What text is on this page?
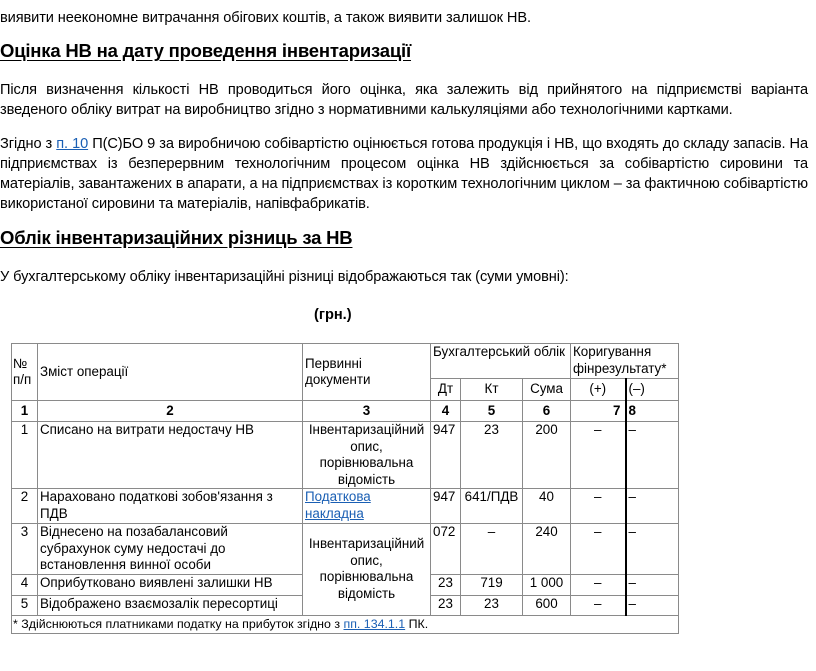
виявити неекономне витрачання обігових коштів, а також виявити залишок НВ.

Оцінка НВ на дату проведення інвентаризації

Після визначення кількості НВ проводиться його оцінка, яка залежить від прийнятого на підприємстві варіанта зведеного обліку витрат на виробництво згідно з нормативними калькуляціями або технологічними картками.

Згідно з п. 10 П(С)БО 9 за виробничою собівартістю оцінюється готова продукція і НВ, що входять до складу запасів. На підприємствах із безперервним технологічним процесом оцінка НВ здійснюється за собівартістю сировини та матеріалів, завантажених в апарати, а на підприємствах із коротким технологічним циклом – за фактичною собівартістю використаної сировини та матеріалів, напівфабрикатів.

Облік інвентаризаційних різниць за НВ

У бухгалтерському обліку інвентаризаційні різниці відображаються так (суми умовні):

(грн.)
№ п/п	Зміст операції	Первинні документи	Бухгалтерський облік			Коригування фінрезультату*	
			Дт	Кт	Сума	(+)	(–)
1	2	3	4	5	6	7	8
1	Списано на витрати недостачу НВ	Інвентаризаційний опис, порівнювальна відомість	947	23	200	–	–
2	Нараховано податкові зобов'язання з ПДВ	Податкова накладна	947	641/ПДВ	40	–	–
3	Віднесено на позабалансовий субрахунок суму недостачі до встановлення винної особи	Інвентаризаційний опис, порівнювальна відомість	072	–	240	–	–
4	Оприбутковано виявлені залишки НВ		23	719	1 000	–	–
5	Відображено взаємозалік пересортиці		23	23	600	–	–
* Здійснюються платниками податку на прибуток згідно з пп. 134.1.1 ПК.							
